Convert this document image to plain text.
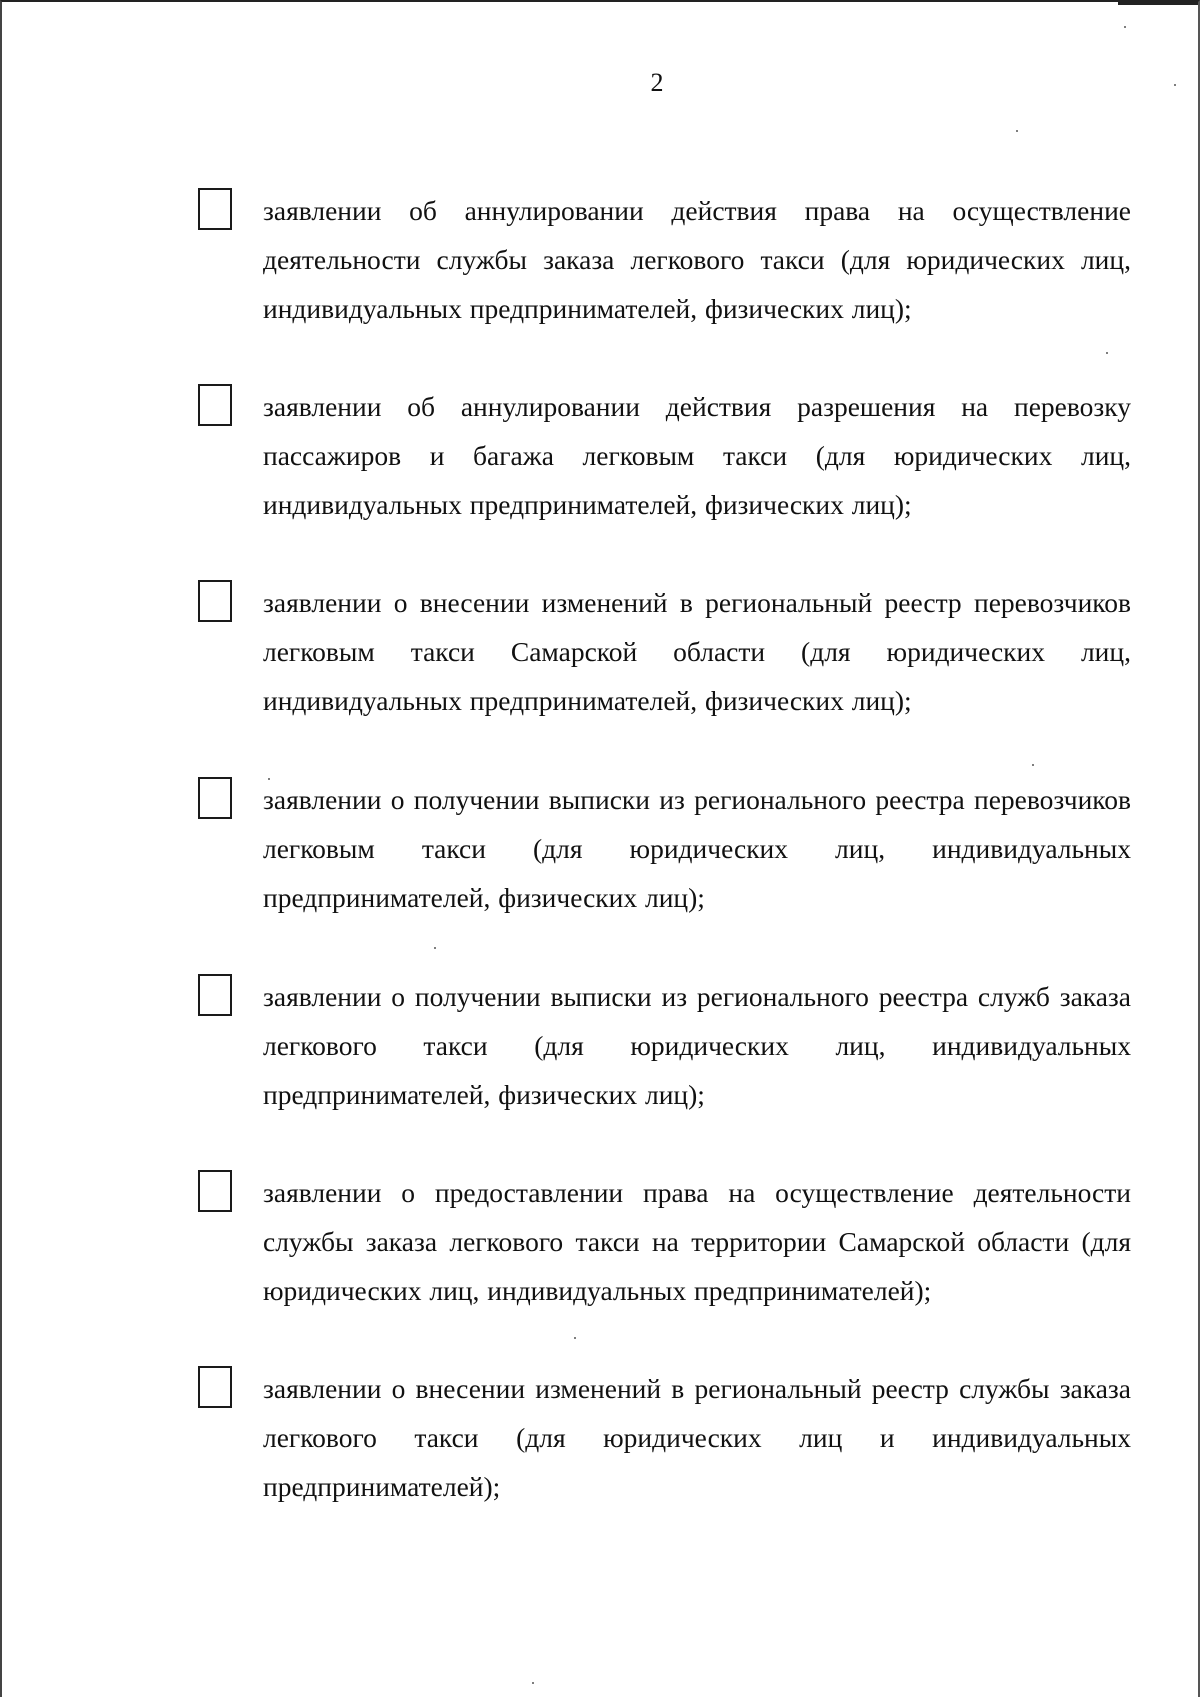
2

заявлении об аннулировании действия права на осуществление деятельности службы заказа легкового такси (для юридических лиц, индивидуальных предпринимателей, физических лиц);

заявлении об аннулировании действия разрешения на перевозку пассажиров и багажа легковым такси (для юридических лиц, индивидуальных предпринимателей, физических лиц);

заявлении о внесении изменений в региональный реестр перевозчиков легковым такси Самарской области (для юридических лиц, индивидуальных предпринимателей, физических лиц);

заявлении о получении выписки из регионального реестра перевозчиков легковым такси (для юридических лиц, индивидуальных предпринимателей, физических лиц);

заявлении о получении выписки из регионального реестра служб заказа легкового такси (для юридических лиц, индивидуальных предпринимателей, физических лиц);

заявлении о предоставлении права на осуществление деятельности службы заказа легкового такси на территории Самарской области (для юридических лиц, индивидуальных предпринимателей);

заявлении о внесении изменений в региональный реестр службы заказа легкового такси (для юридических лиц и индивидуальных предпринимателей);
